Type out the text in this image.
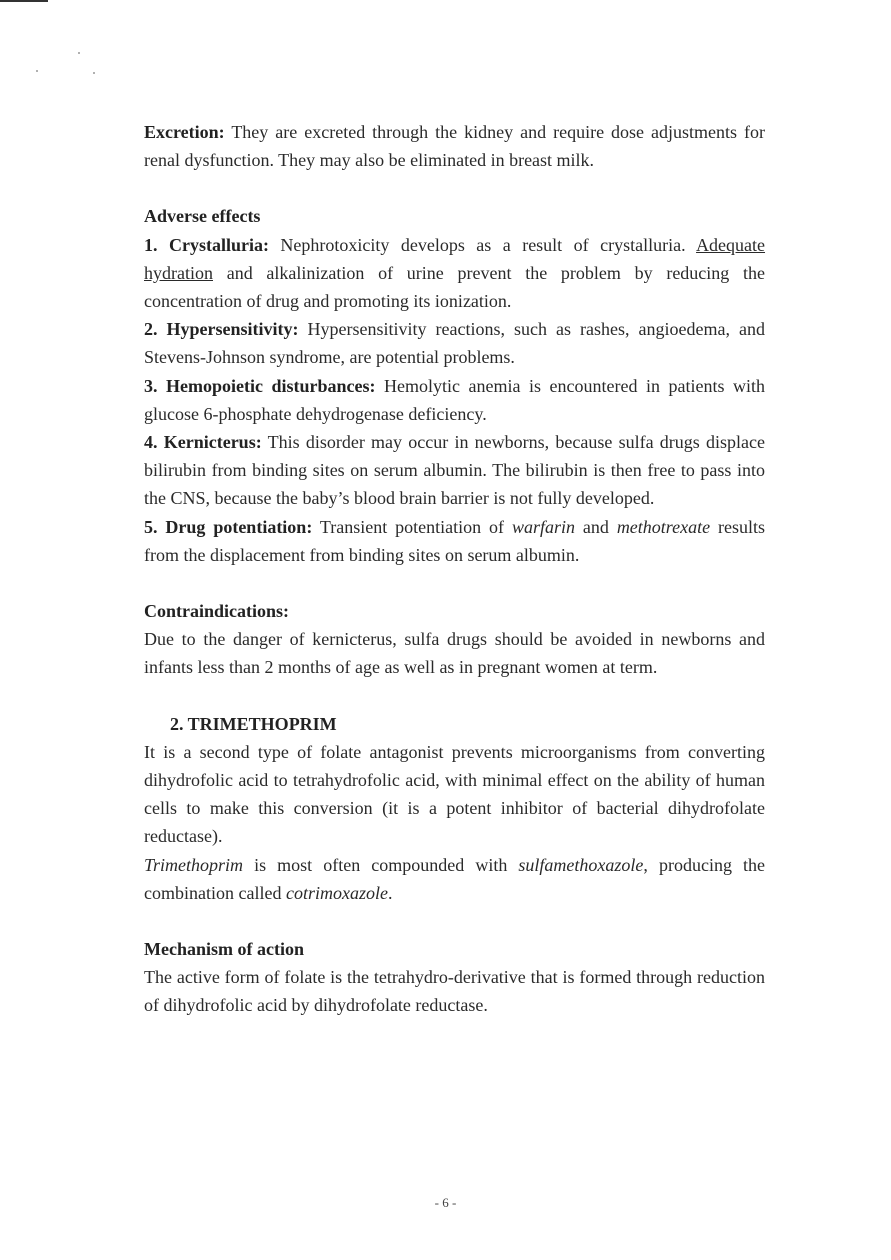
Excretion: They are excreted through the kidney and require dose adjustments for renal dysfunction. They may also be eliminated in breast milk.

Adverse effects

1. Crystalluria: Nephrotoxicity develops as a result of crystalluria. Adequate hydration and alkalinization of urine prevent the problem by reducing the concentration of drug and promoting its ionization.

2. Hypersensitivity: Hypersensitivity reactions, such as rashes, angioedema, and Stevens-Johnson syndrome, are potential problems.

3. Hemopoietic disturbances: Hemolytic anemia is encountered in patients with glucose 6-phosphate dehydrogenase deficiency.

4. Kernicterus: This disorder may occur in newborns, because sulfa drugs displace bilirubin from binding sites on serum albumin. The bilirubin is then free to pass into the CNS, because the baby’s blood brain barrier is not fully developed.

5. Drug potentiation: Transient potentiation of warfarin and methotrexate results from the displacement from binding sites on serum albumin.

Contraindications:

Due to the danger of kernicterus, sulfa drugs should be avoided in newborns and infants less than 2 months of age as well as in pregnant women at term.

2. TRIMETHOPRIM

It is a second type of folate antagonist prevents microorganisms from converting dihydrofolic acid to tetrahydrofolic acid, with minimal effect on the ability of human cells to make this conversion (it is a potent inhibitor of bacterial dihydrofolate reductase).

Trimethoprim is most often compounded with sulfamethoxazole, producing the combination called cotrimoxazole.

Mechanism of action

The active form of folate is the tetrahydro-derivative that is formed through reduction of dihydrofolic acid by dihydrofolate reductase.

- 6 -
